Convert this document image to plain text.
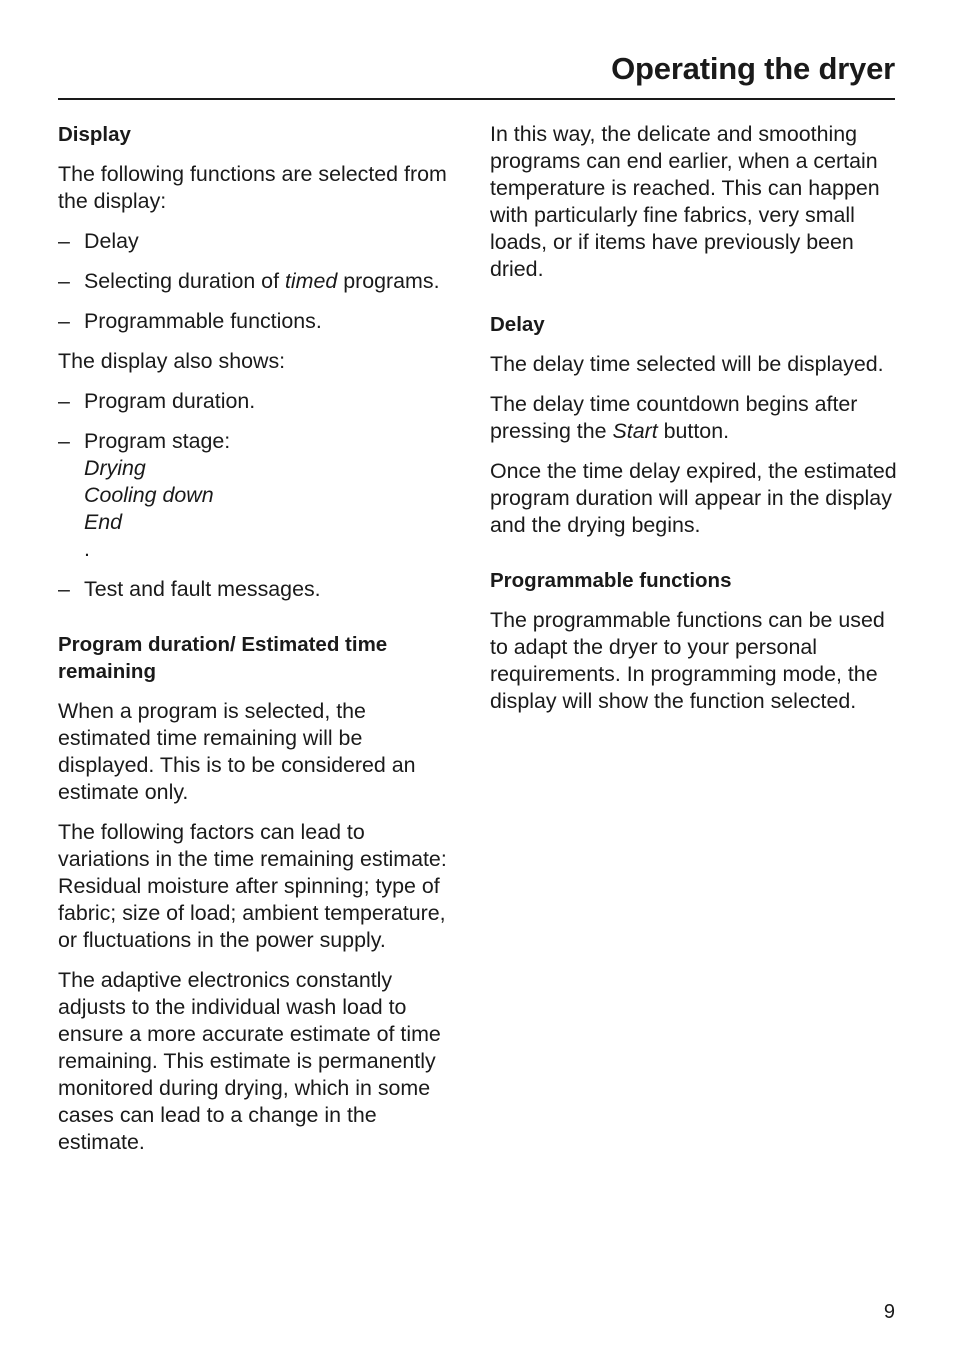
Operating the dryer
Display

The following functions are selected from the display:

– Delay
– Selecting duration of timed programs.
– Programmable functions.

The display also shows:

– Program duration.
– Program stage:
Drying
Cooling down
End
.
– Test and fault messages.
Program duration/ Estimated time remaining

When a program is selected, the estimated time remaining will be displayed. This is to be considered an estimate only.

The following factors can lead to variations in the time remaining estimate: Residual moisture after spinning; type of fabric; size of load; ambient temperature, or fluctuations in the power supply.

The adaptive electronics constantly adjusts to the individual wash load to ensure a more accurate estimate of time remaining. This estimate is permanently monitored during drying, which in some cases can lead to a change in the estimate.

In this way, the delicate and smoothing programs can end earlier, when a certain temperature is reached. This can happen with particularly fine fabrics, very small loads, or if items have previously been dried.

Delay

The delay time selected will be displayed.

The delay time countdown begins after pressing the Start button.

Once the time delay expired, the estimated program duration will appear in the display and the drying begins.

Programmable functions

The programmable functions can be used to adapt the dryer to your personal requirements. In programming mode, the display will show the function selected.

9
